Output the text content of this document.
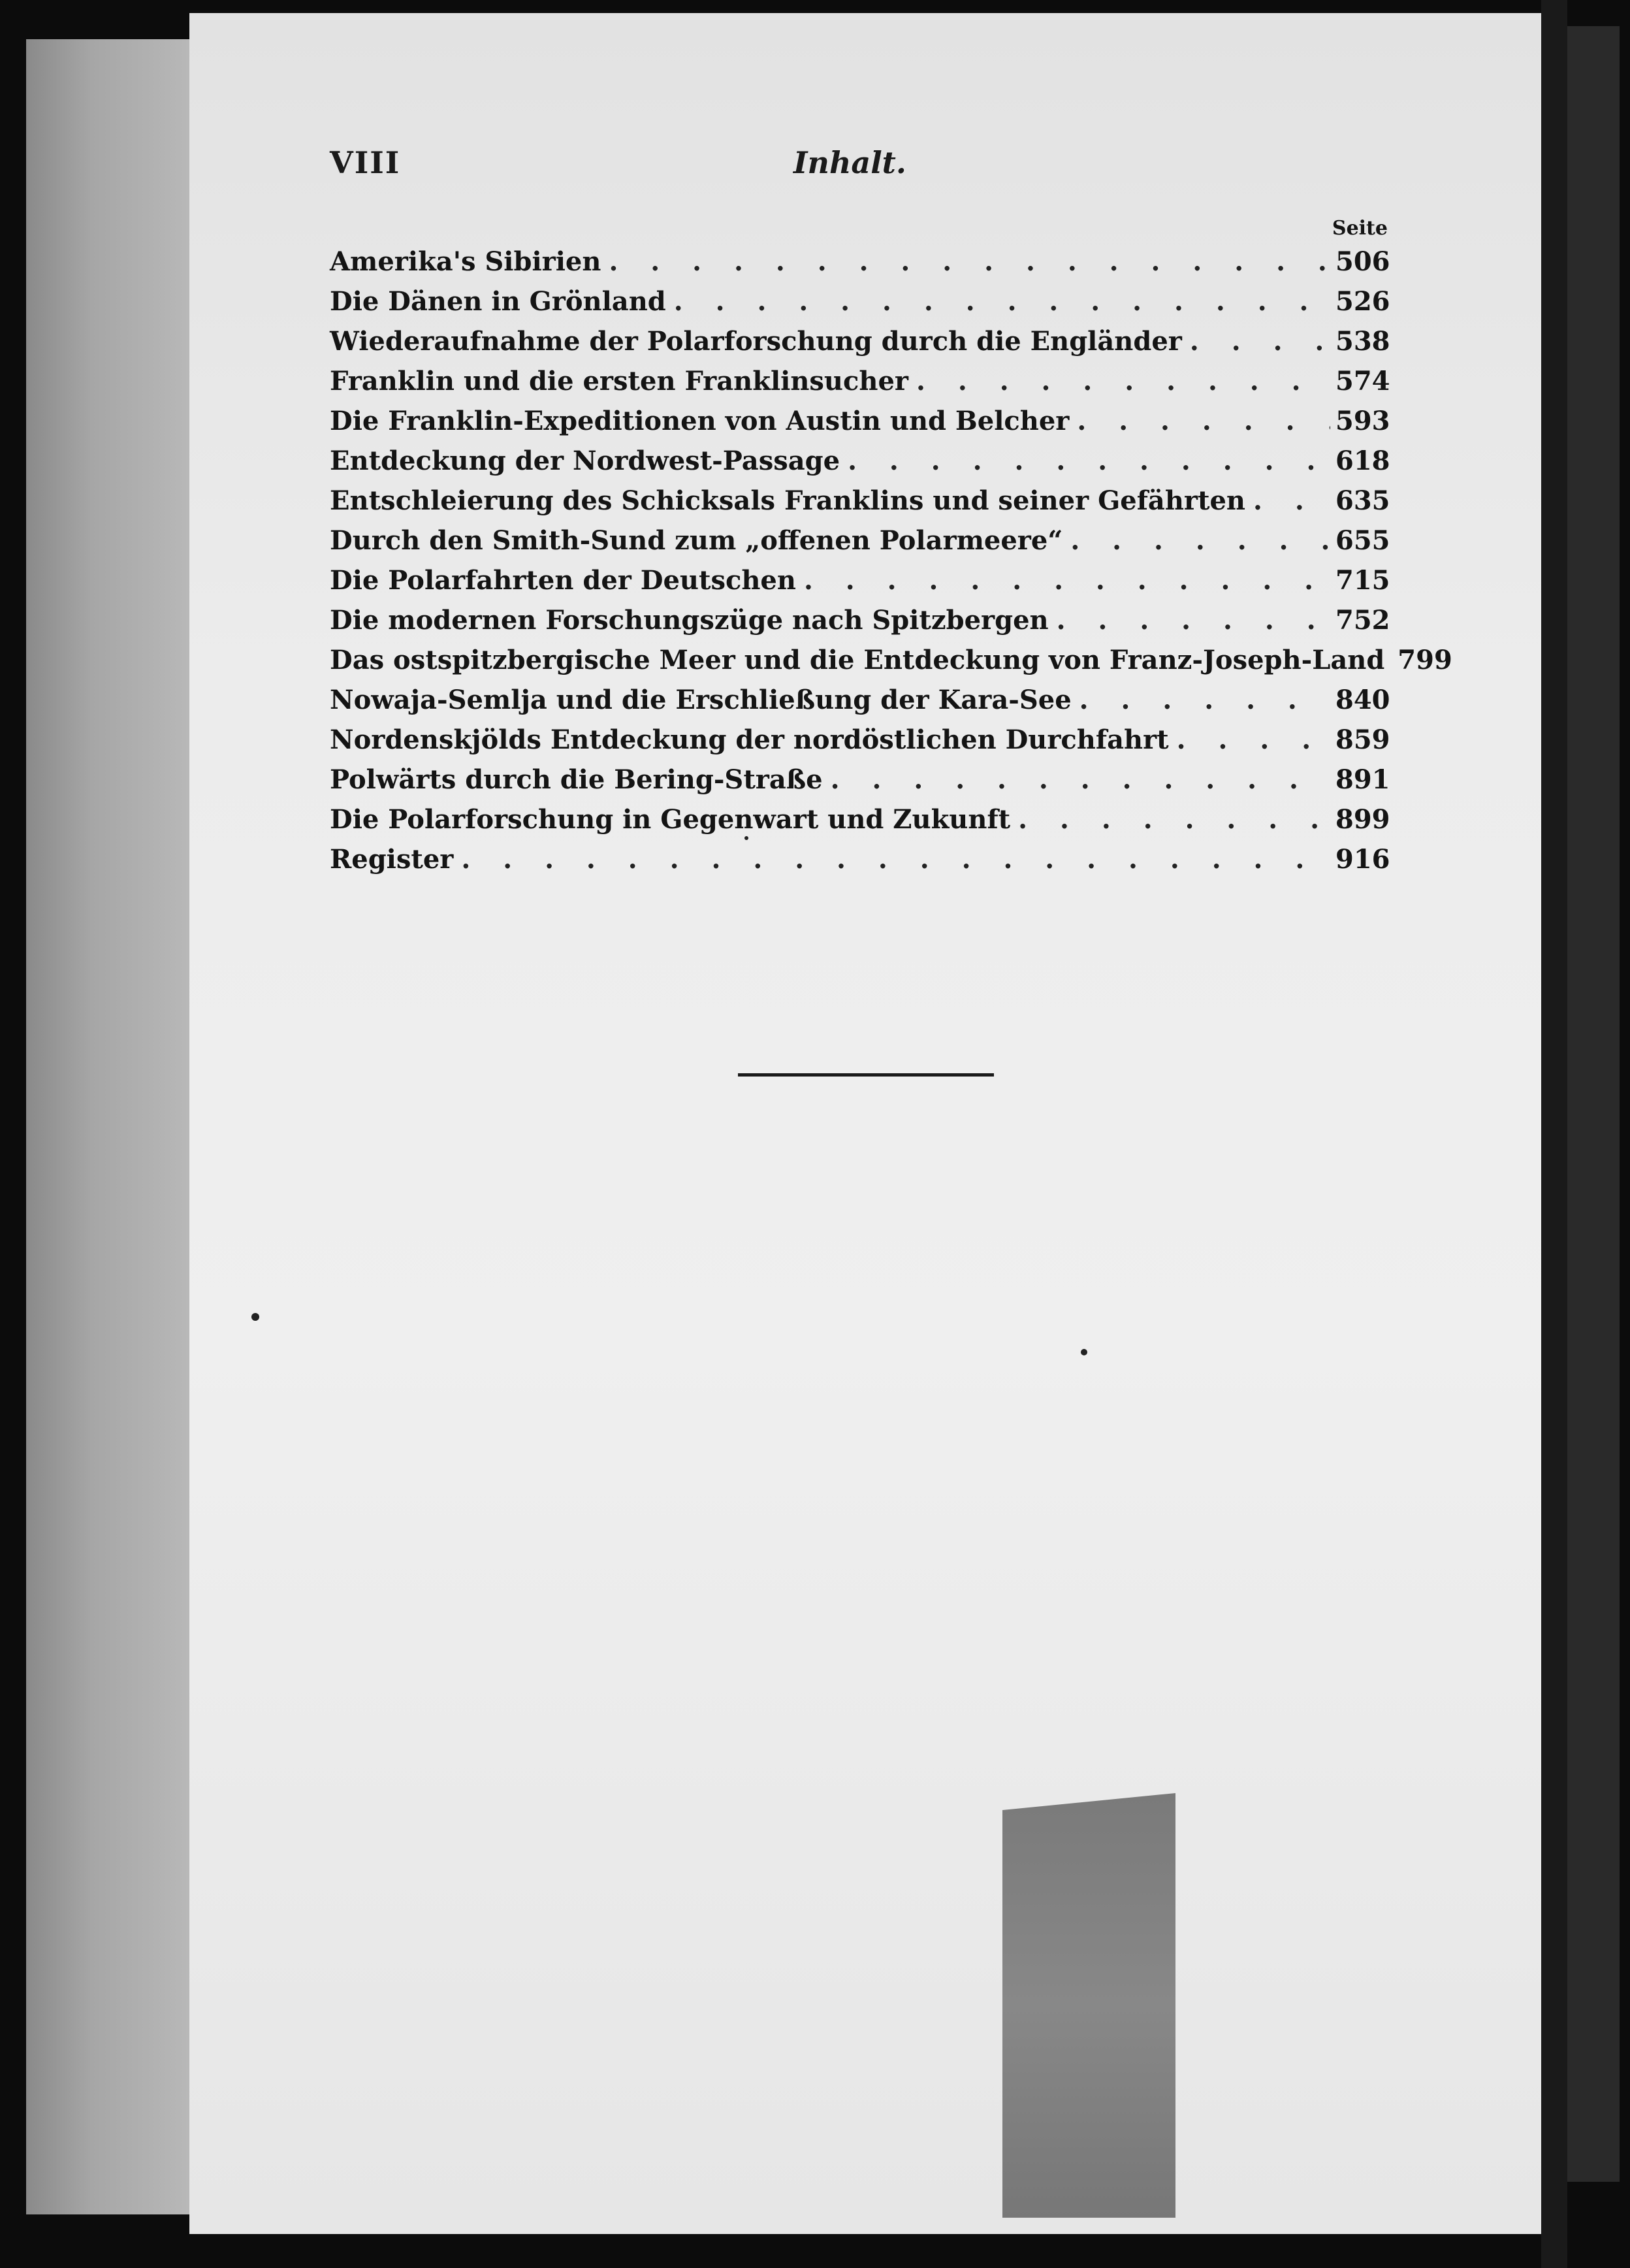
VIII	Inhalt.
Seite
Amerika's Sibirien . . .	506
Die Dänen in Grönland . . .	526
Wiederaufnahme der Polarforschung durch die Engländer . . .	538
Franklin und die ersten Franklinsucher . . .	574
Die Franklin-Expeditionen von Austin und Belcher . . .	593
Entdeckung der Nordwest-Passage . . .	618
Entschleierung des Schicksals Franklins und seiner Gefährten . . .	635
Durch den Smith-Sund zum „offenen Polarmeere“ . . .	655
Die Polarfahrten der Deutschen . . .	715
Die modernen Forschungszüge nach Spitzbergen . . .	752
Das ostspitzbergische Meer und die Entdeckung von Franz-Joseph-Land 799
Nowaja-Semlja und die Erschließung der Kara-See . . .	840
Nordenskjölds Entdeckung der nordöstlichen Durchfahrt . . .	859
Polwärts durch die Bering-Straße . . .	891
Die Polarforschung in Gegenwart und Zukunft . . .	899
Register . . .	916
